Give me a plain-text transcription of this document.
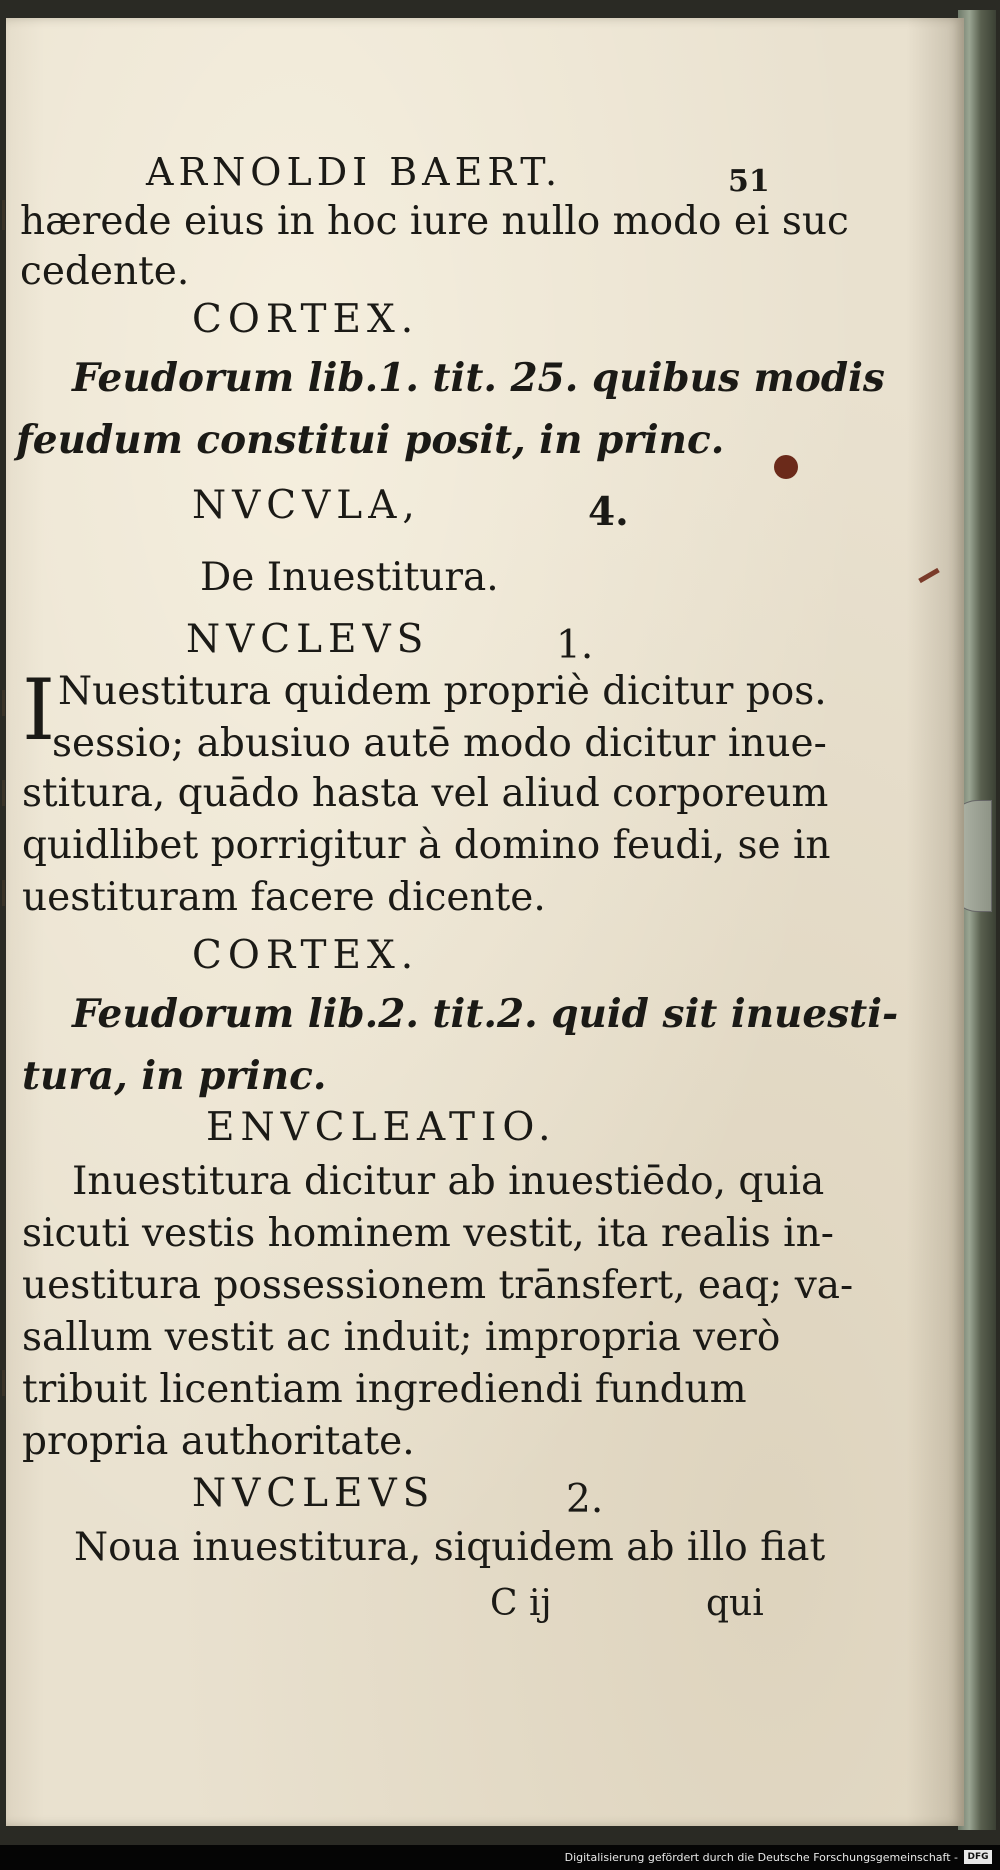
ARNOLDI BAERT.	51

hærede eius in hoc iure nullo modo ei suc

cedente.

CORTEX.

Feudorum lib.1. tit. 25. quibus modis

feudum constitui posit, in princ.

NVCVLA,	4.

De Inuestitura.

NVCLEVS	1.

I Nuestitura quidem propriè dicitur pos.

sessio; abusiuo autē modo dicitur inue-

stitura, quādo hasta vel aliud corporeum

quidlibet porrigitur à domino feudi, se in

uestituram facere dicente.

CORTEX.

Feudorum lib.2. tit.2. quid sit inuesti-

tura, in princ.

ENVCLEATIO.

Inuestitura dicitur ab inuestiēdo, quia

sicuti vestis hominem vestit, ita realis in-

uestitura possessionem trānsfert, eaq; va-

sallum vestit ac induit; impropria verò

tribuit licentiam ingrediendi fundum

propria authoritate.

NVCLEVS	2.

Noua inuestitura, siquidem ab illo fiat

C ij	qui

Digitalisierung gefördert durch die Deutsche Forschungsgemeinschaft -	DFG
